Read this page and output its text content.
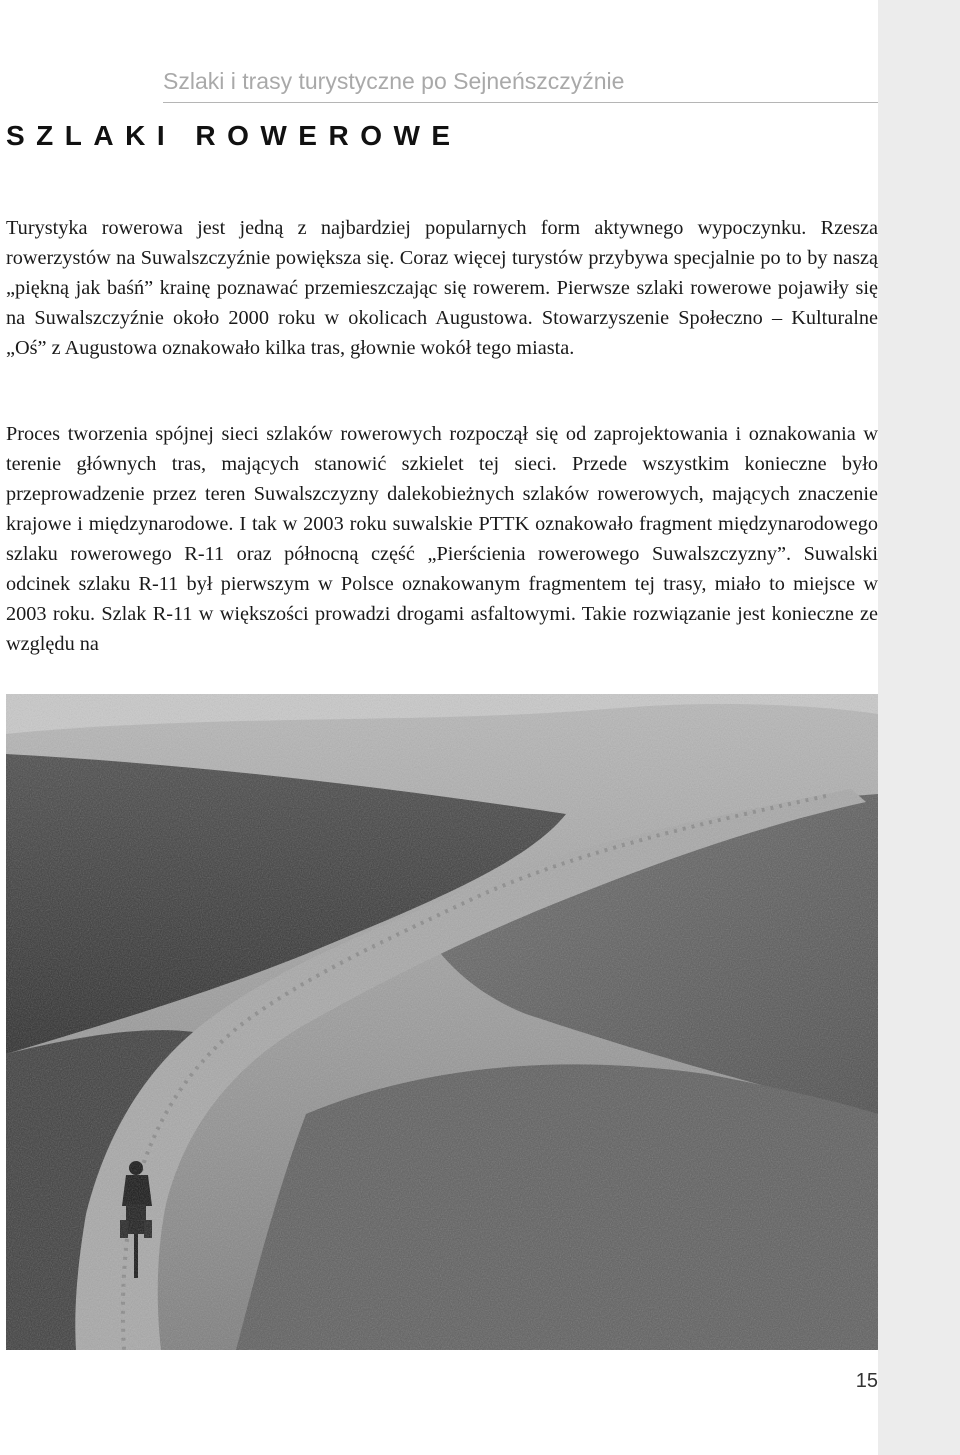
Szlaki i trasy turystyczne po Sejneńszczyźnie
SZLAKI ROWEROWE

Turystyka rowerowa jest jedną z najbardziej popularnych form aktywnego wypoczynku. Rzesza rowerzystów na Suwalszczyźnie powiększa się. Coraz więcej turystów przybywa specjalnie po to by naszą „piękną jak baśń” krainę poznawać przemieszczając się rowerem. Pierwsze szlaki rowerowe pojawiły się na Suwalszczyźnie około 2000 roku w okolicach Augustowa. Stowarzyszenie Społeczno – Kulturalne „Oś” z Augustowa oznakowało kilka tras, głownie wokół tego miasta.

Proces tworzenia spójnej sieci szlaków rowerowych rozpoczął się od zaprojektowania i oznakowania w terenie głównych tras, mających stanowić szkielet tej sieci. Przede wszystkim konieczne było przeprowadzenie przez teren Suwalszczyzny dalekobieżnych szlaków rowerowych, mających znaczenie krajowe i międzynarodowe. I tak w 2003 roku suwalskie PTTK oznakowało fragment międzynarodowego szlaku rowerowego R-11 oraz północną część „Pierścienia rowerowego Suwalszczyzny”. Suwalski odcinek szlaku R-11 był pierwszym w Polsce oznakowanym fragmentem tej trasy, miało to miejsce w 2003 roku. Szlak R-11 w większości prowadzi drogami asfaltowymi. Takie rozwiązanie jest konieczne ze względu na

15
